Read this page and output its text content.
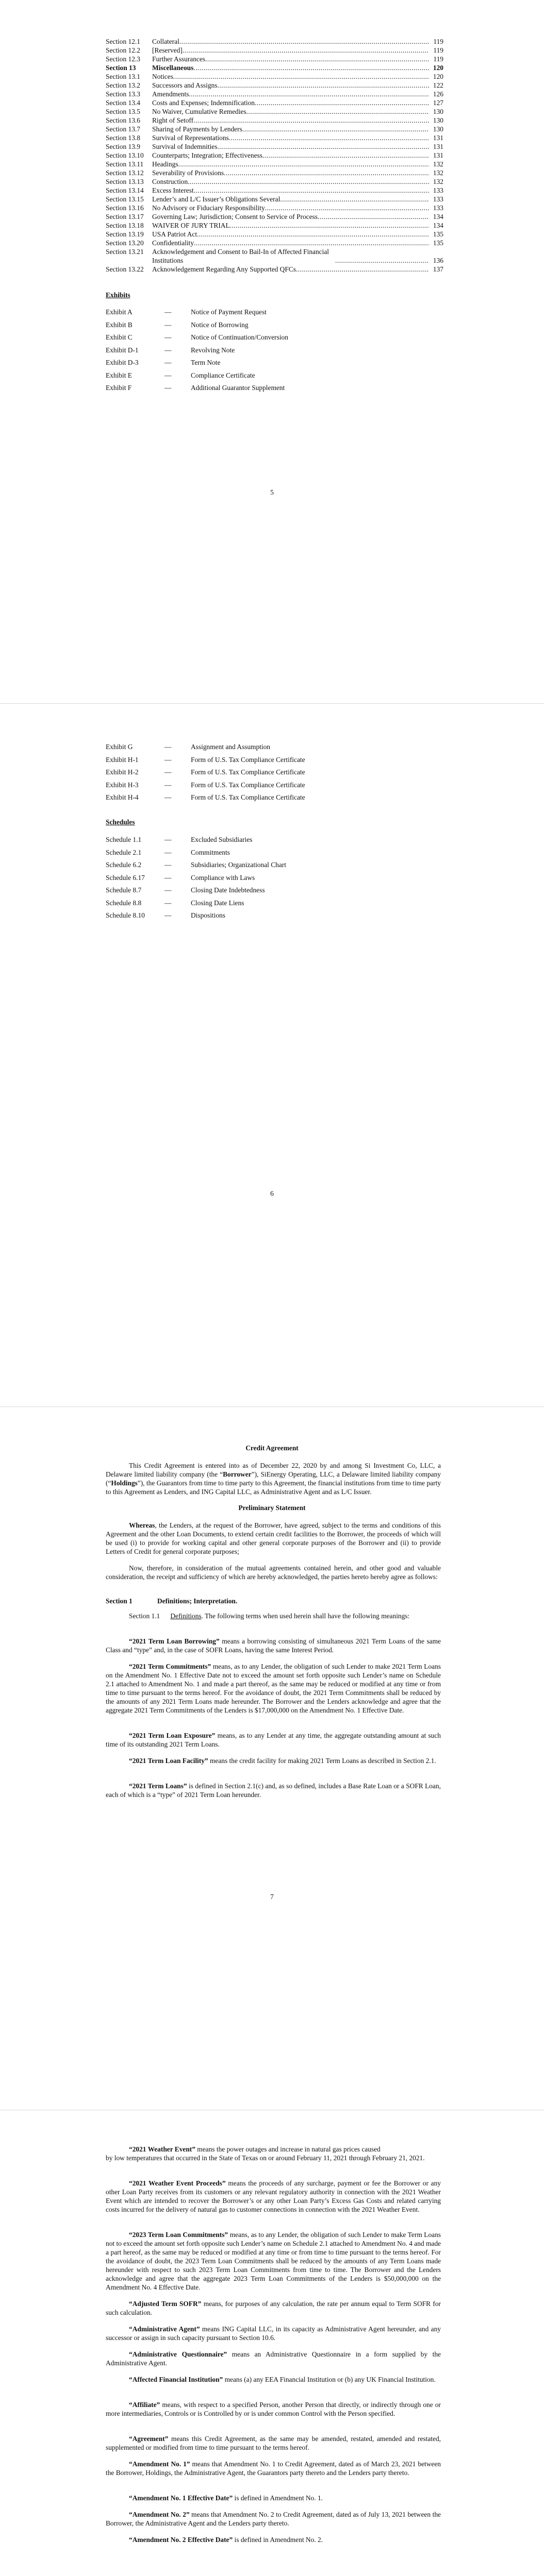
Section 12.1	Collateral .....	119
Section 12.2	[Reserved] .....	119
Section 12.3	Further Assurances .....	119
Section 13	Miscellaneous .....	120
Section 13.1	Notices .....	120
Section 13.2	Successors and Assigns .....	122
Section 13.3	Amendments .....	126
Section 13.4	Costs and Expenses; Indemnification .....	127
Section 13.5	No Waiver, Cumulative Remedies .....	130
Section 13.6	Right of Setoff .....	130
Section 13.7	Sharing of Payments by Lenders .....	130
Section 13.8	Survival of Representations .....	131
Section 13.9	Survival of Indemnities .....	131
Section 13.10	Counterparts; Integration; Effectiveness .....	131
Section 13.11	Headings .....	132
Section 13.12	Severability of Provisions .....	132
Section 13.13	Construction .....	132
Section 13.14	Excess Interest .....	133
Section 13.15	Lender’s and L/C Issuer’s Obligations Several .....	133
Section 13.16	No Advisory or Fiduciary Responsibility .....	133
Section 13.17	Governing Law; Jurisdiction; Consent to Service of Process .....	134
Section 13.18	WAIVER OF JURY TRIAL .....	134
Section 13.19	USA Patriot Act .....	135
Section 13.20	Confidentiality .....	135
Section 13.21	Acknowledgement and Consent to Bail-In of Affected Financial Institutions .....	136
Section 13.22	Acknowledgement Regarding Any Supported QFCs .....	137
Exhibits
Exhibit A	—	Notice of Payment Request
Exhibit B	—	Notice of Borrowing
Exhibit C	—	Notice of Continuation/Conversion
Exhibit D-1	—	Revolving Note
Exhibit D-3	—	Term Note
Exhibit E	—	Compliance Certificate
Exhibit F	—	Additional Guarantor Supplement
5
Exhibit G	—	Assignment and Assumption
Exhibit H-1	—	Form of U.S. Tax Compliance Certificate
Exhibit H-2	—	Form of U.S. Tax Compliance Certificate
Exhibit H-3	—	Form of U.S. Tax Compliance Certificate
Exhibit H-4	—	Form of U.S. Tax Compliance Certificate
Schedules
Schedule 1.1	—	Excluded Subsidiaries
Schedule 2.1	—	Commitments
Schedule 6.2	—	Subsidiaries; Organizational Chart
Schedule 6.17	—	Compliance with Laws
Schedule 8.7	—	Closing Date Indebtedness
Schedule 8.8	—	Closing Date Liens
Schedule 8.10	—	Dispositions
6
Credit Agreement
This Credit Agreement is entered into as of December 22, 2020 by and among Si Investment Co, LLC, a Delaware limited liability company (the “Borrower”), SiEnergy Operating, LLC, a Delaware limited liability company (“Holdings”), the Guarantors from time to time party to this Agreement, the financial institutions from time to time party to this Agreement as Lenders, and ING Capital LLC, as Administrative Agent and as L/C Issuer.
Preliminary Statement
Whereas, the Lenders, at the request of the Borrower, have agreed, subject to the terms and conditions of this Agreement and the other Loan Documents, to extend certain credit facilities to the Borrower, the proceeds of which will be used (i) to provide for working capital and other general corporate purposes of the Borrower and (ii) to provide Letters of Credit for general corporate purposes;
Now, therefore, in consideration of the mutual agreements contained herein, and other good and valuable consideration, the receipt and sufficiency of which are hereby acknowledged, the parties hereto hereby agree as follows:
Section 1	Definitions; Interpretation.
Section 1.1 Definitions. The following terms when used herein shall have the following meanings:
“2021 Term Loan Borrowing” means a borrowing consisting of simultaneous 2021 Term Loans of the same Class and “type” and, in the case of SOFR Loans, having the same Interest Period.
“2021 Term Commitments” means, as to any Lender, the obligation of such Lender to make 2021 Term Loans on the Amendment No. 1 Effective Date not to exceed the amount set forth opposite such Lender’s name on Schedule 2.1 attached to Amendment No. 1 and made a part thereof, as the same may be reduced or modified at any time or from time to time pursuant to the terms hereof. For the avoidance of doubt, the 2021 Term Commitments shall be reduced by the amounts of any 2021 Term Loans made hereunder. The Borrower and the Lenders acknowledge and agree that the aggregate 2021 Term Commitments of the Lenders is $17,000,000 on the Amendment No. 1 Effective Date.
“2021 Term Loan Exposure” means, as to any Lender at any time, the aggregate outstanding amount at such time of its outstanding 2021 Term Loans.
“2021 Term Loan Facility” means the credit facility for making 2021 Term Loans as described in Section 2.1.
“2021 Term Loans” is defined in Section 2.1(c) and, as so defined, includes a Base Rate Loan or a SOFR Loan, each of which is a “type” of 2021 Term Loan hereunder.
7
“2021 Weather Event” means the power outages and increase in natural gas prices caused
by low temperatures that occurred in the State of Texas on or around February 11, 2021 through February 21, 2021.
“2021 Weather Event Proceeds” means the proceeds of any surcharge, payment or fee the Borrower or any other Loan Party receives from its customers or any relevant regulatory authority in connection with the 2021 Weather Event which are intended to recover the Borrower’s or any other Loan Party’s Excess Gas Costs and related carrying costs incurred for the delivery of natural gas to customer connections in connection with the 2021 Weather Event.
“2023 Term Loan Commitments” means, as to any Lender, the obligation of such Lender to make Term Loans not to exceed the amount set forth opposite such Lender’s name on Schedule 2.1 attached to Amendment No. 4 and made a part hereof, as the same may be reduced or modified at any time or from time to time pursuant to the terms hereof. For the avoidance of doubt, the 2023 Term Loan Commitments shall be reduced by the amounts of any Term Loans made hereunder with respect to such 2023 Term Loan Commitments from time to time. The Borrower and the Lenders acknowledge and agree that the aggregate 2023 Term Loan Commitments of the Lenders is $50,000,000 on the Amendment No. 4 Effective Date.
“Adjusted Term SOFR” means, for purposes of any calculation, the rate per annum equal to Term SOFR for such calculation.
“Administrative Agent” means ING Capital LLC, in its capacity as Administrative Agent hereunder, and any successor or assign in such capacity pursuant to Section 10.6.
“Administrative Questionnaire” means an Administrative Questionnaire in a form supplied by the Administrative Agent.
“Affected Financial Institution” means (a) any EEA Financial Institution or (b) any UK Financial Institution.
“Affiliate” means, with respect to a specified Person, another Person that directly, or indirectly through one or more intermediaries, Controls or is Controlled by or is under common Control with the Person specified.
“Agreement” means this Credit Agreement, as the same may be amended, restated, amended and restated, supplemented or modified from time to time pursuant to the terms hereof.
“Amendment No. 1” means that Amendment No. 1 to Credit Agreement, dated as of March 23, 2021 between the Borrower, Holdings, the Administrative Agent, the Guarantors party thereto and the Lenders party thereto.
“Amendment No. 1 Effective Date” is defined in Amendment No. 1.
“Amendment No. 2” means that Amendment No. 2 to Credit Agreement, dated as of July 13, 2021 between the Borrower, the Administrative Agent and the Lenders party thereto.
“Amendment No. 2 Effective Date” is defined in Amendment No. 2.
